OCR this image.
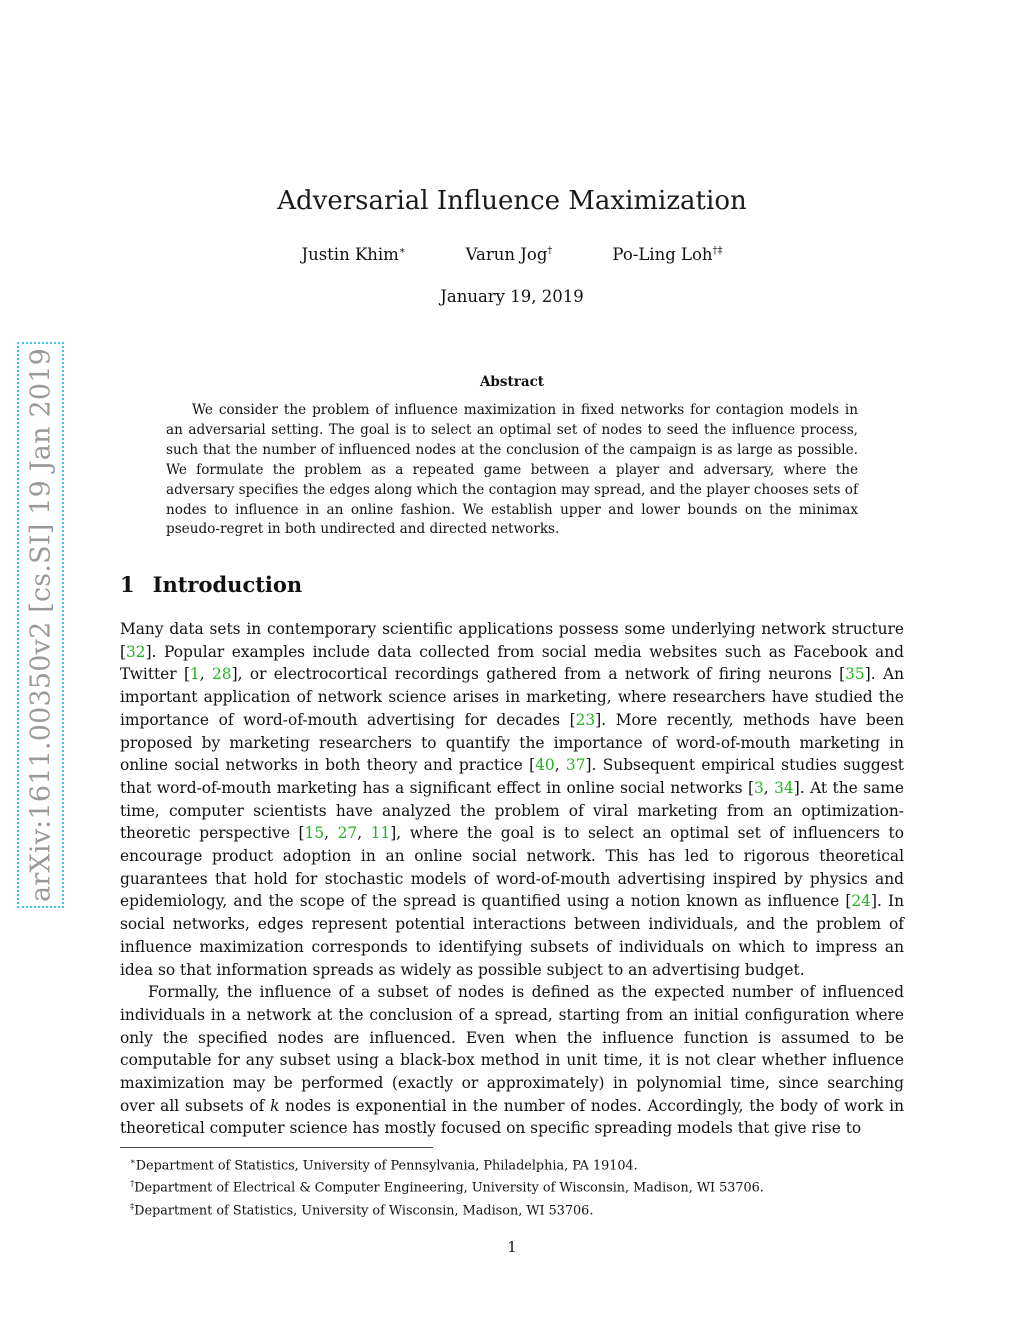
arXiv:1611.00350v2 [cs.SI] 19 Jan 2019
Adversarial Influence Maximization
Justin Khim∗	Varun Jog†	Po-Ling Loh†‡
January 19, 2019
Abstract
We consider the problem of influence maximization in fixed networks for contagion models in an adversarial setting. The goal is to select an optimal set of nodes to seed the influence process, such that the number of influenced nodes at the conclusion of the campaign is as large as possible. We formulate the problem as a repeated game between a player and adversary, where the adversary specifies the edges along which the contagion may spread, and the player chooses sets of nodes to influence in an online fashion. We establish upper and lower bounds on the minimax pseudo-regret in both undirected and directed networks.
1 Introduction

Many data sets in contemporary scientific applications possess some underlying network structure [32]. Popular examples include data collected from social media websites such as Facebook and Twitter [1, 28], or electrocortical recordings gathered from a network of firing neurons [35]. An important application of network science arises in marketing, where researchers have studied the importance of word-of-mouth advertising for decades [23]. More recently, methods have been proposed by marketing researchers to quantify the importance of word-of-mouth marketing in online social networks in both theory and practice [40, 37]. Subsequent empirical studies suggest that word-of-mouth marketing has a significant effect in online social networks [3, 34]. At the same time, computer scientists have analyzed the problem of viral marketing from an optimization-theoretic perspective [15, 27, 11], where the goal is to select an optimal set of influencers to encourage product adoption in an online social network. This has led to rigorous theoretical guarantees that hold for stochastic models of word-of-mouth advertising inspired by physics and epidemiology, and the scope of the spread is quantified using a notion known as influence [24]. In social networks, edges represent potential interactions between individuals, and the problem of influence maximization corresponds to identifying subsets of individuals on which to impress an idea so that information spreads as widely as possible subject to an advertising budget.

Formally, the influence of a subset of nodes is defined as the expected number of influenced individuals in a network at the conclusion of a spread, starting from an initial configuration where only the specified nodes are influenced. Even when the influence function is assumed to be computable for any subset using a black-box method in unit time, it is not clear whether influence maximization may be performed (exactly or approximately) in polynomial time, since searching over all subsets of k nodes is exponential in the number of nodes. Accordingly, the body of work in theoretical computer science has mostly focused on specific spreading models that give rise to

∗Department of Statistics, University of Pennsylvania, Philadelphia, PA 19104.
†Department of Electrical & Computer Engineering, University of Wisconsin, Madison, WI 53706.
‡Department of Statistics, University of Wisconsin, Madison, WI 53706.
1
